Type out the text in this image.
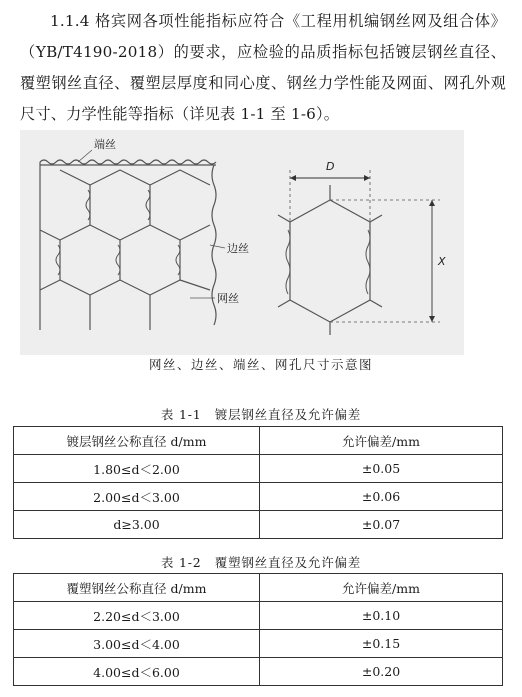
1.1.4 格宾网各项性能指标应符合《工程用机编钢丝网及组合体》（YB/T4190-2018）的要求，应检验的品质指标包括镀层钢丝直径、覆塑钢丝直径、覆塑层厚度和同心度、钢丝力学性能及网面、网孔外观尺寸、力学性能等指标（详见表 1-1 至 1-6）。
端丝
边丝
网丝
D
X
网丝、边丝、端丝、网孔尺寸示意图
表 1-1　镀层钢丝直径及允许偏差
镀层钢丝公称直径 d/mm	允许偏差/mm
1.80≤d＜2.00	±0.05
2.00≤d＜3.00	±0.06
d≥3.00	±0.07
表 1-2　覆塑钢丝直径及允许偏差
覆塑钢丝公称直径 d/mm	允许偏差/mm
2.20≤d＜3.00	±0.10
3.00≤d＜4.00	±0.15
4.00≤d＜6.00	±0.20
